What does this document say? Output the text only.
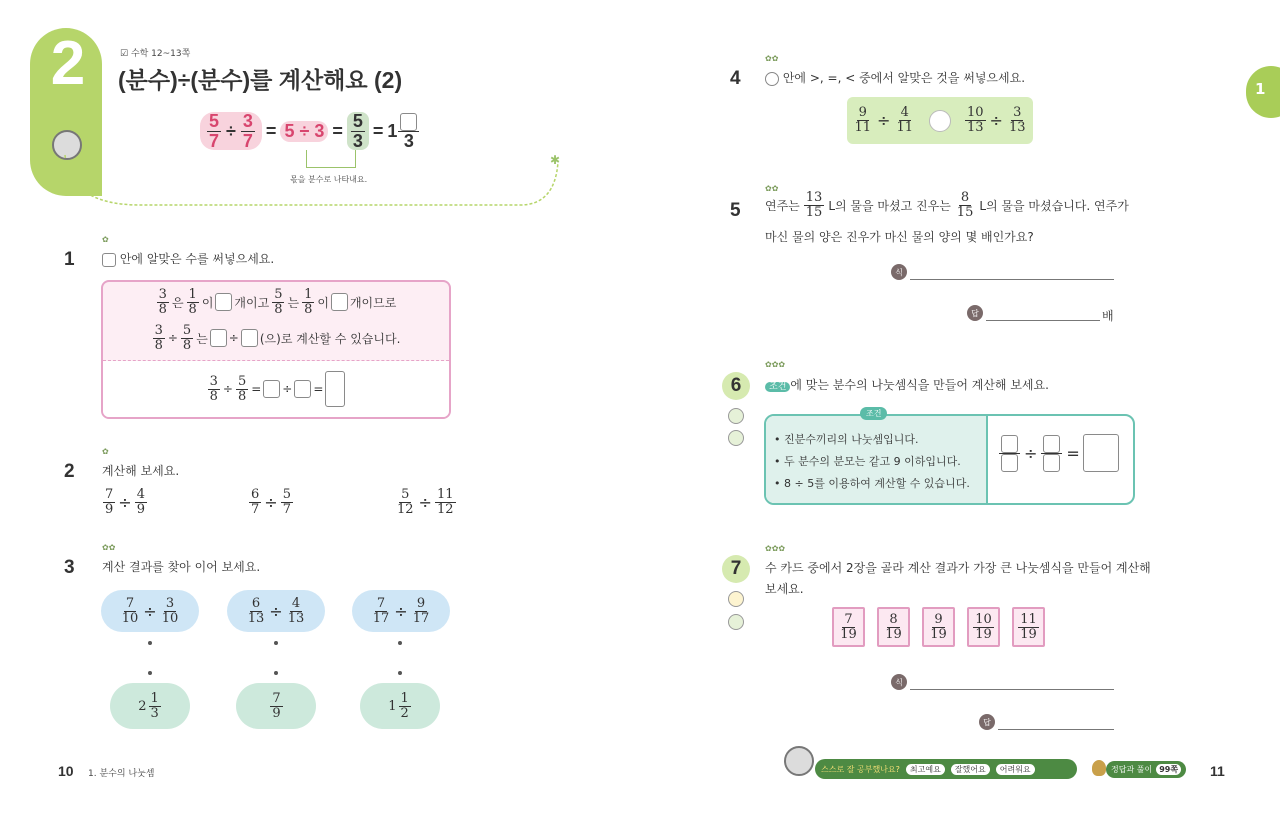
2	☑ 수학 12~13쪽
(분수)÷(분수)를 계산해요 (2)
$\frac{5}{7} \div \frac{3}{7} = 5 \div 3 = \frac{5}{3} = 1$
3
몫을 분수로 나타내요.
✱
✿
1	안에 알맞은 수를 써넣으세요.
$\frac{3}{8}$ 은 $\frac{1}{8}$ 이 개이고 $\frac{5}{8}$ 는 $\frac{1}{8}$ 이 개이므로
$\frac{3}{8} \div \frac{5}{8}$ 는 ÷ (으)로 계산할 수 있습니다.
$\frac{3}{8} \div \frac{5}{8}$ = ÷ =
✿
2 계산해 보세요.
$\frac{7}{9} \div \frac{4}{9}$	$\frac{6}{7} \div \frac{5}{7}$	$\frac{5}{12} \div \frac{11}{12}$
✿✿
3 계산 결과를 찾아 이어 보세요.
$\frac{7}{10} \div \frac{3}{10}$	$\frac{6}{13} \div \frac{4}{13}$	$\frac{7}{17} \div \frac{9}{17}$
$2 \frac{1}{3}$	$\frac{7}{9}$	$1 \frac{1}{2}$
10 1. 분수의 나눗셈
1
✿✿
4	안에 >, =, < 중에서 알맞은 것을 써넣으세요.
$\frac{9}{11} \div \frac{4}{11}$	$\frac{10}{13} \div \frac{3}{13}$
✿✿
5 연주는 $\frac{13}{15}$ L의 물을 마셨고 진우는 $\frac{8}{15}$ L의 물을 마셨습니다. 연주가
마신 물의 양은 진우가 마신 물의 양의 몇 배인가요?
식
답	배
✿✿✿
6	조건 에 맞는 분수의 나눗셈식을 만들어 계산해 보세요.
조건
• 진분수끼리의 나눗셈입니다.
• 두 분수의 분모는 같고 9 이하입니다.
• 8 ÷ 5를 이용하여 계산할 수 있습니다.
÷ =
✿✿✿
7 수 카드 중에서 2장을 골라 계산 결과가 가장 큰 나눗셈식을 만들어 계산해
보세요.
$\frac{7}{19} \frac{8}{19} \frac{9}{19} \frac{10}{19} \frac{11}{19}$
식
답
스스로 잘 공부했나요?	최고예요	잘했어요	어려워요	정답과 풀이 99쪽 11
